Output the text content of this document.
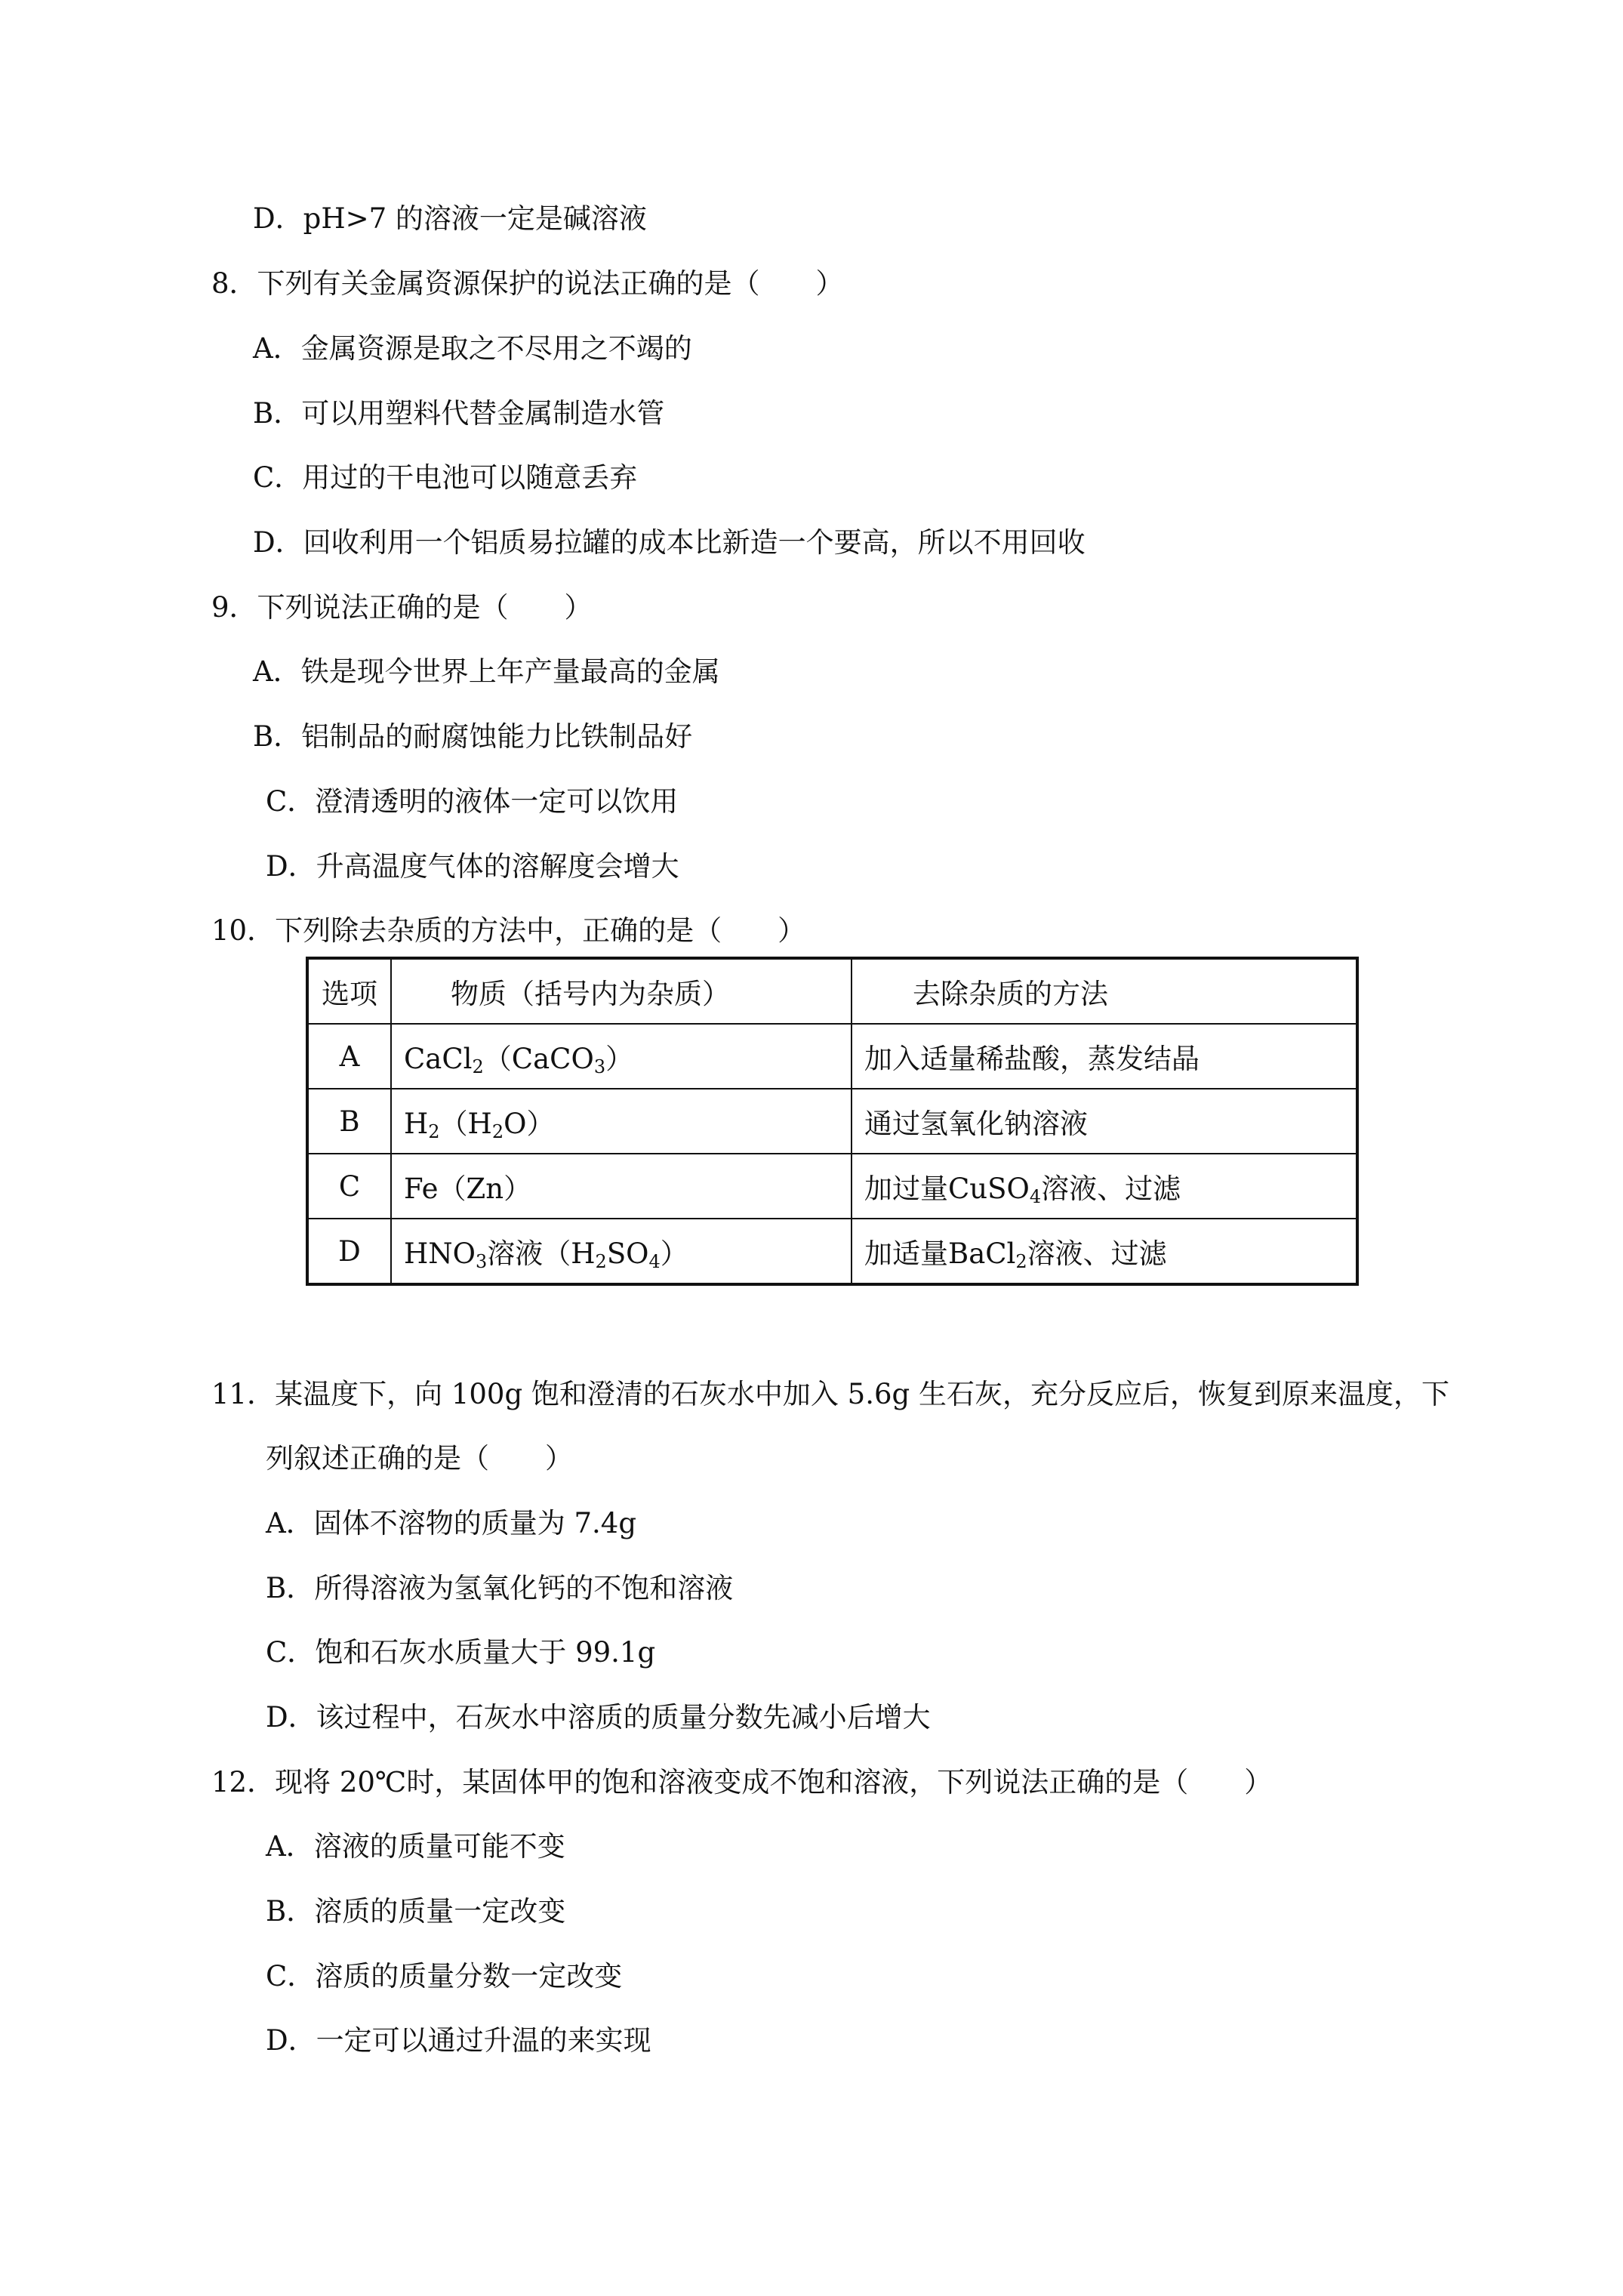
D．pH>7 的溶液一定是碱溶液
8．下列有关金属资源保护的说法正确的是（　　）
A．金属资源是取之不尽用之不竭的
B．可以用塑料代替金属制造水管
C．用过的干电池可以随意丢弃
D．回收利用一个铝质易拉罐的成本比新造一个要高，所以不用回收
9．下列说法正确的是（　　）
A．铁是现今世界上年产量最高的金属
B．铝制品的耐腐蚀能力比铁制品好
C．澄清透明的液体一定可以饮用
D．升高温度气体的溶解度会增大
10．下列除去杂质的方法中，正确的是（　　）
选项	物质（括号内为杂质）	去除杂质的方法
A	CaCl$_2$（CaCO$_3$）	加入适量稀盐酸，蒸发结晶
B	$H_2(H_2O)$	通过氢氧化钠溶液
C	Fe（Zn）	加过量CuSO$_4$溶液、过滤
D	$HNO_3$溶液$(H_2SO_4)$	加适量BaCl$_2$溶液、过滤
11．某温度下，向 100g 饱和澄清的石灰水中加入 5.6g 生石灰，充分反应后，恢复到原来温度，下
列叙述正确的是（　　）
A．固体不溶物的质量为 7.4g
B．所得溶液为氢氧化钙的不饱和溶液
C．饱和石灰水质量大于 99.1g
D．该过程中，石灰水中溶质的质量分数先减小后增大
12．现将 20℃时，某固体甲的饱和溶液变成不饱和溶液，下列说法正确的是（　　）
A．溶液的质量可能不变
B．溶质的质量一定改变
C．溶质的质量分数一定改变
D．一定可以通过升温的来实现
